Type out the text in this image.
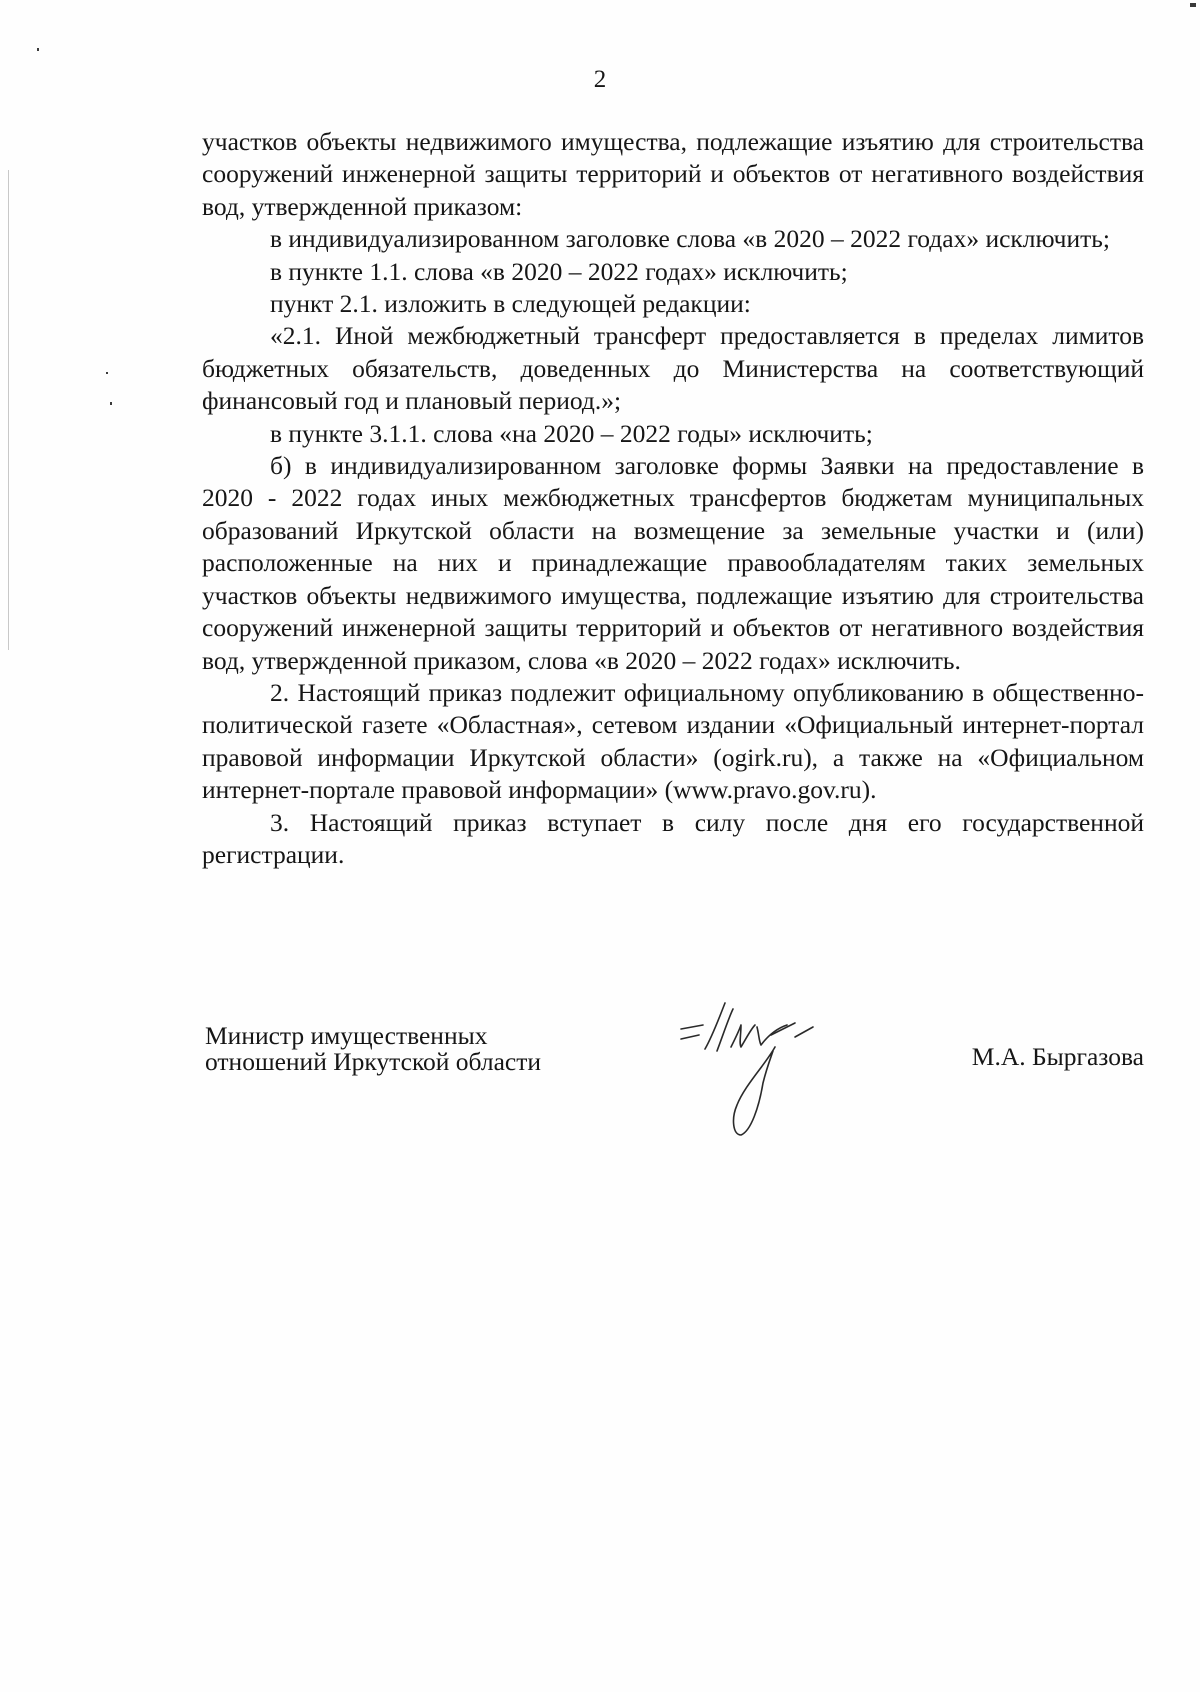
2

участков объекты недвижимого имущества, подлежащие изъятию для строительства сооружений инженерной защиты территорий и объектов от негативного воздействия вод, утвержденной приказом:

в индивидуализированном заголовке слова «в 2020 – 2022 годах» исключить;

в пункте 1.1. слова «в 2020 – 2022 годах» исключить;

пункт 2.1. изложить в следующей редакции:

«2.1. Иной межбюджетный трансферт предоставляется в пределах лимитов бюджетных обязательств, доведенных до Министерства на соответствующий финансовый год и плановый период.»;

в пункте 3.1.1. слова «на 2020 – 2022 годы» исключить;

б) в индивидуализированном заголовке формы Заявки на предоставление в 2020 - 2022 годах иных межбюджетных трансфертов бюджетам муниципальных образований Иркутской области на возмещение за земельные участки и (или) расположенные на них и принадлежащие правообладателям таких земельных участков объекты недвижимого имущества, подлежащие изъятию для строительства сооружений инженерной защиты территорий и объектов от негативного воздействия вод, утвержденной приказом, слова «в 2020 – 2022 годах» исключить.

2. Настоящий приказ подлежит официальному опубликованию в общественно-политической газете «Областная», сетевом издании «Официальный интернет-портал правовой информации Иркутской области» (ogirk.ru), а также на «Официальном интернет-портале правовой информации» (www.pravo.gov.ru).

3. Настоящий приказ вступает в силу после дня его государственной регистрации.

Министр имущественных
отношений Иркутской области	М.А. Быргазова
